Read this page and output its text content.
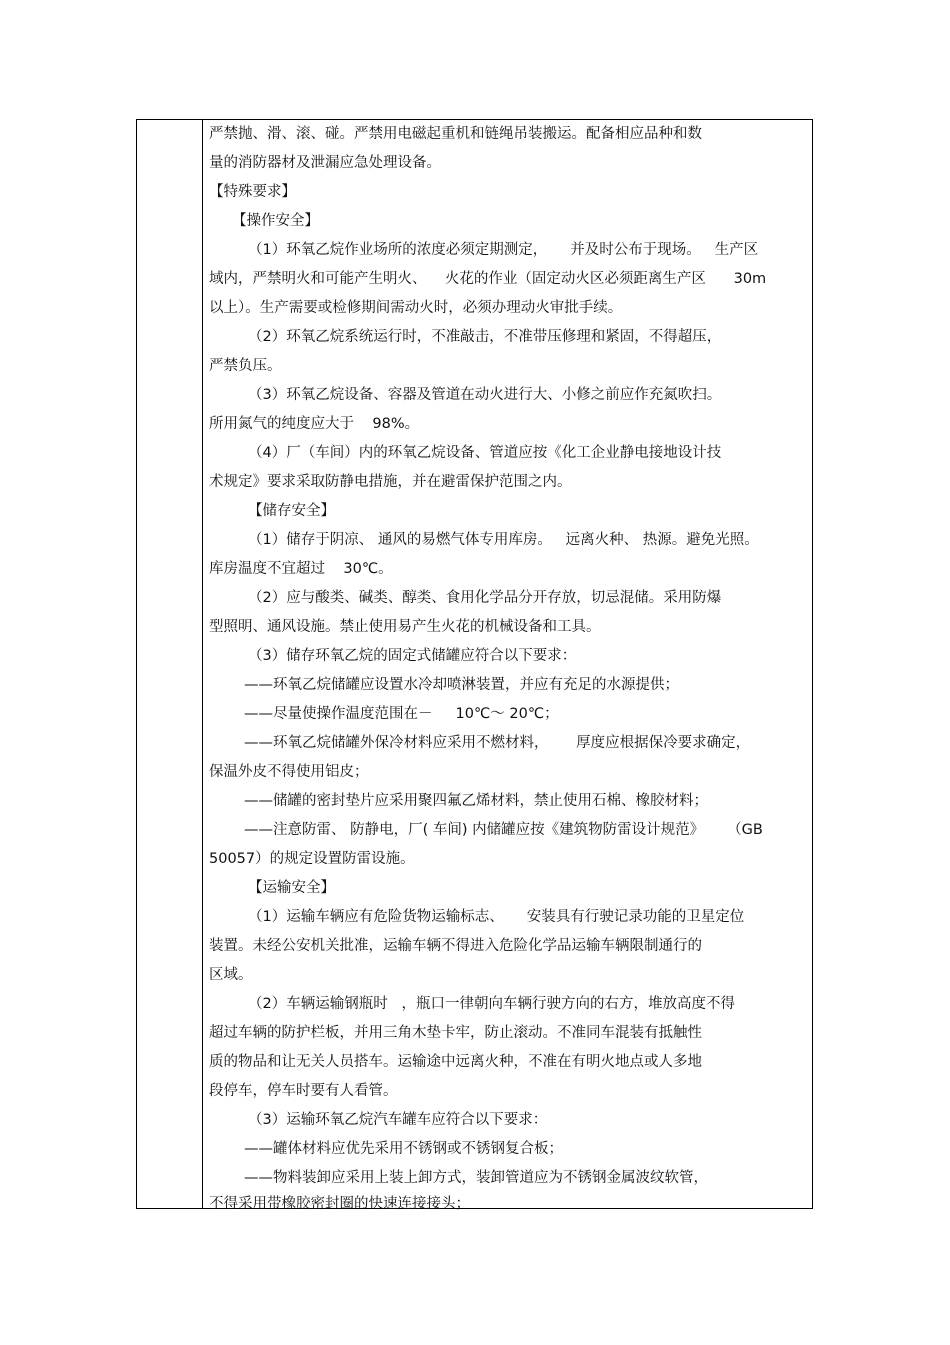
严禁抛、滑、滚、碰。严禁用电磁起重机和链绳吊装搬运。配备相应品种和数
量的消防器材及泄漏应急处理设备。
【特殊要求】
【操作安全】
（1）环氧乙烷作业场所的浓度必须定期测定，     并及时公布于现场。   生产区
域内，严禁明火和可能产生明火、    火花的作业（固定动火区必须距离生产区      30m
以上）。生产需要或检修期间需动火时，必须办理动火审批手续。
（2）环氧乙烷系统运行时，不准敲击，不准带压修理和紧固，不得超压，
严禁负压。
（3）环氧乙烷设备、容器及管道在动火进行大、小修之前应作充氮吹扫。
所用氮气的纯度应大于    98%。
（4）厂（车间）内的环氧乙烷设备、管道应按《化工企业静电接地设计技
术规定》要求采取防静电措施，并在避雷保护范围之内。
【储存安全】
（1）储存于阴凉、 通风的易燃气体专用库房。   远离火种、 热源。避免光照。
库房温度不宜超过    30℃。
（2）应与酸类、碱类、醇类、食用化学品分开存放，切忌混储。采用防爆
型照明、通风设施。禁止使用易产生火花的机械设备和工具。
（3）储存环氧乙烷的固定式储罐应符合以下要求：
——环氧乙烷储罐应设置水冷却喷淋装置，并应有充足的水源提供；
——尽量使操作温度范围在－     10℃～ 20℃；
——环氧乙烷储罐外保冷材料应采用不燃材料，      厚度应根据保冷要求确定，
保温外皮不得使用铝皮；
——储罐的密封垫片应采用聚四氟乙烯材料，禁止使用石棉、橡胶材料；
——注意防雷、 防静电，厂( 车间) 内储罐应按《建筑物防雷设计规范》     （GB
50057）的规定设置防雷设施。
【运输安全】
（1）运输车辆应有危险货物运输标志、     安装具有行驶记录功能的卫星定位
装置。未经公安机关批准，运输车辆不得进入危险化学品运输车辆限制通行的
区域。
（2）车辆运输钢瓶时   ，瓶口一律朝向车辆行驶方向的右方，堆放高度不得
超过车辆的防护栏板，并用三角木垫卡牢，防止滚动。不准同车混装有抵触性
质的物品和让无关人员搭车。运输途中远离火种，不准在有明火地点或人多地
段停车，停车时要有人看管。
（3）运输环氧乙烷汽车罐车应符合以下要求：
——罐体材料应优先采用不锈钢或不锈钢复合板；
——物料装卸应采用上装上卸方式，装卸管道应为不锈钢金属波纹软管，
不得采用带橡胶密封圈的快速连接接头；
